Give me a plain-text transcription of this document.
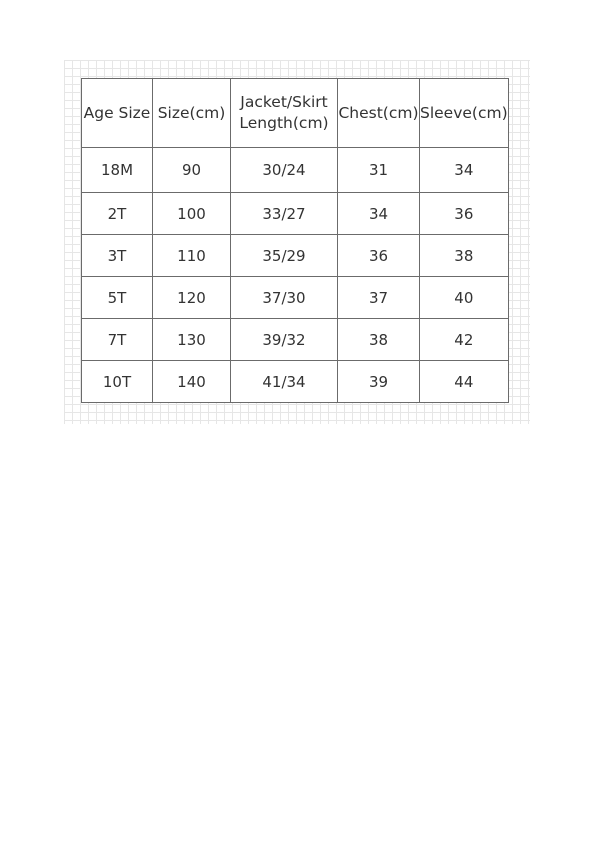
Age Size	Size(cm)	Jacket/Skirt Length(cm)	Chest(cm)	Sleeve(cm)
18M	90	30/24	31	34
2T	100	33/27	34	36
3T	110	35/29	36	38
5T	120	37/30	37	40
7T	130	39/32	38	42
10T	140	41/34	39	44
